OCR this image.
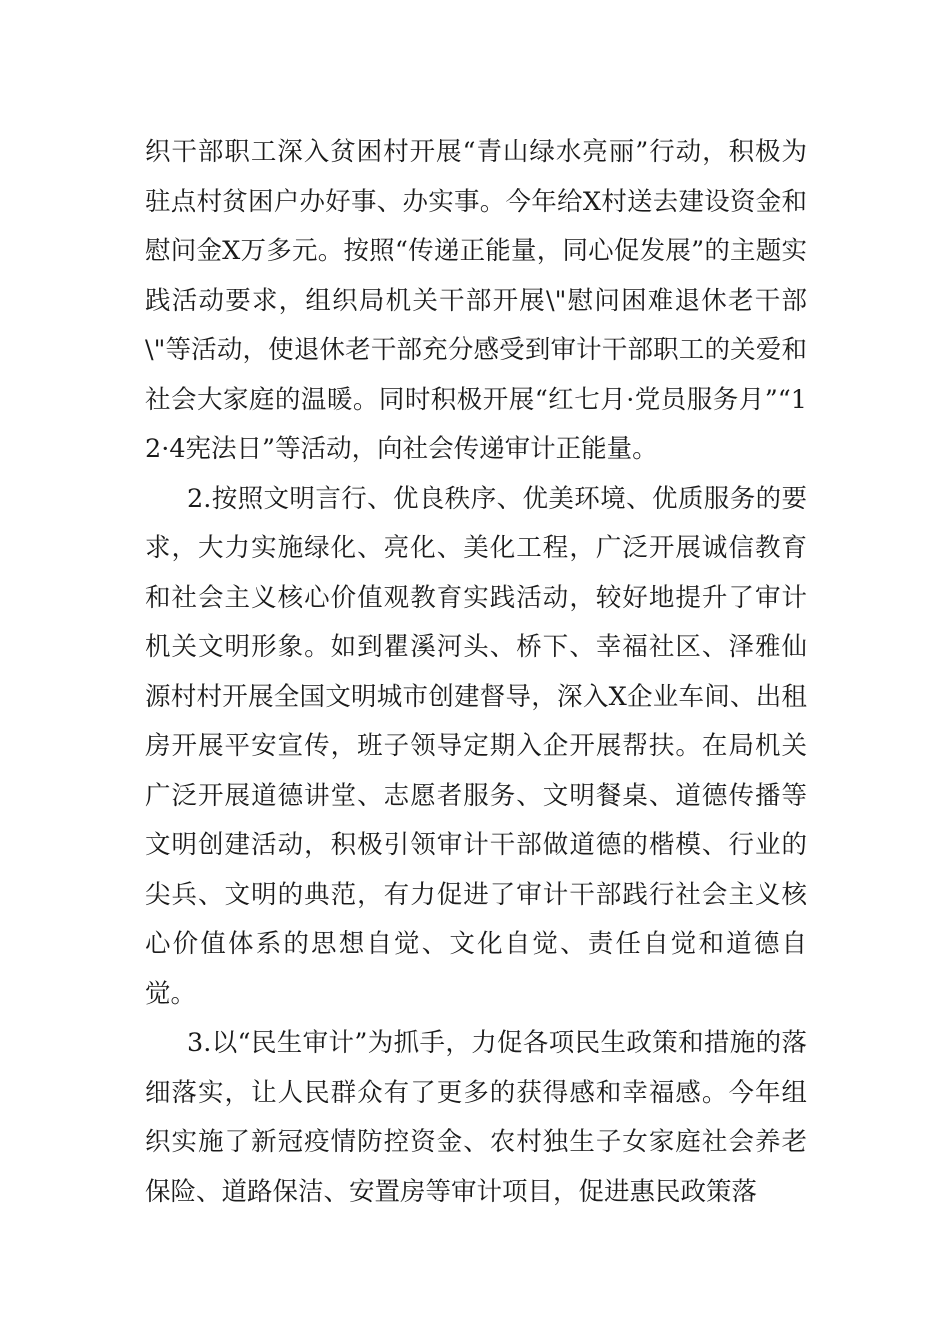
织干部职工深入贫困村开展“青山绿水亮丽”行动，积极为驻点村贫困户办好事、办实事。今年给X村送去建设资金和慰问金X万多元。按照“传递正能量，同心促发展”的主题实践活动要求，组织局机关干部开展\"慰问困难退休老干部\"等活动，使退休老干部充分感受到审计干部职工的关爱和社会大家庭的温暖。同时积极开展“红七月·党员服务月”“12·4宪法日”等活动，向社会传递审计正能量。

2.按照文明言行、优良秩序、优美环境、优质服务的要求，大力实施绿化、亮化、美化工程，广泛开展诚信教育和社会主义核心价值观教育实践活动，较好地提升了审计机关文明形象。如到瞿溪河头、桥下、幸福社区、泽雅仙源村村开展全国文明城市创建督导，深入X企业车间、出租房开展平安宣传，班子领导定期入企开展帮扶。在局机关广泛开展道德讲堂、志愿者服务、文明餐桌、道德传播等文明创建活动，积极引领审计干部做道德的楷模、行业的尖兵、文明的典范，有力促进了审计干部践行社会主义核心价值体系的思想自觉、文化自觉、责任自觉和道德自觉。

3.以“民生审计”为抓手，力促各项民生政策和措施的落细落实，让人民群众有了更多的获得感和幸福感。今年组织实施了新冠疫情防控资金、农村独生子女家庭社会养老保险、道路保洁、安置房等审计项目，促进惠民政策落
